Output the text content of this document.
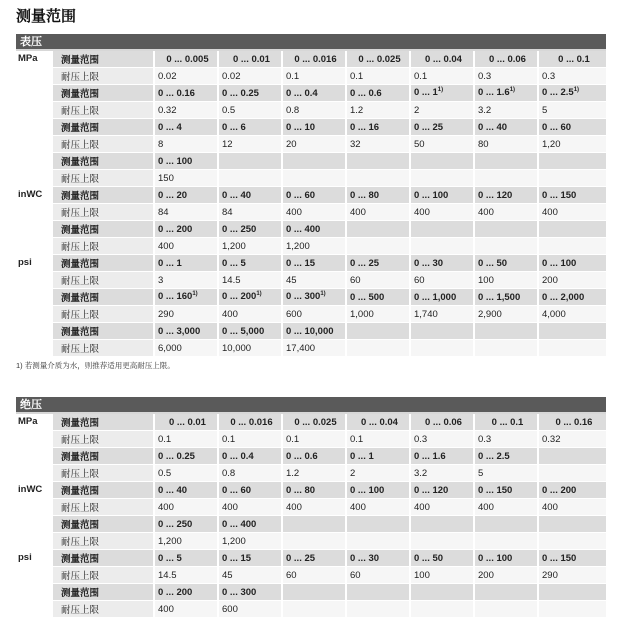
测量范围
表压
MPa	测量范围	0 ... 0.005	0 ... 0.01	0 ... 0.016	0 ... 0.025	0 ... 0.04	0 ... 0.06	0 ... 0.1
	耐压上限	0.02	0.02	0.1	0.1	0.1	0.3	0.3
	测量范围	0 ... 0.16	0 ... 0.25	0 ... 0.4	0 ... 0.6	0 ... 1$^{1)}$	0 ... 1.6$^{1)}$	0 ... 2.5$^{1)}$
	耐压上限	0.32	0.5	0.8	1.2	2	3.2	5
	测量范围	0 ... 4	0 ... 6	0 ... 10	0 ... 16	0 ... 25	0 ... 40	0 ... 60
	耐压上限	8	12	20	32	50	80	1,20
	测量范围	0 ... 100						
	耐压上限	150						
inWC	测量范围	0 ... 20	0 ... 40	0 ... 60	0 ... 80	0 ... 100	0 ... 120	0 ... 150
	耐压上限	84	84	400	400	400	400	400
	测量范围	0 ... 200	0 ... 250	0 ... 400				
	耐压上限	400	1,200	1,200				
psi	测量范围	0 ... 1	0 ... 5	0 ... 15	0 ... 25	0 ... 30	0 ... 50	0 ... 100
	耐压上限	3	14.5	45	60	60	100	200
	测量范围	0 ... 160$^{1)}$	0 ... 200$^{1)}$	0 ... 300$^{1)}$	0 ... 500	0 ... 1,000	0 ... 1,500	0 ... 2,000
	耐压上限	290	400	600	1,000	1,740	2,900	4,000
	测量范围	0 ... 3,000	0 ... 5,000	0 ... 10,000				
	耐压上限	6,000	10,000	17,400				
1) 若测量介质为水，则推荐适用更高耐压上限。
绝压
MPa	测量范围	0 ... 0.01	0 ... 0.016	0 ... 0.025	0 ... 0.04	0 ... 0.06	0 ... 0.1	0 ... 0.16
	耐压上限	0.1	0.1	0.1	0.1	0.3	0.3	0.32
	测量范围	0 ... 0.25	0 ... 0.4	0 ... 0.6	0 ... 1	0 ... 1.6	0 ... 2.5	
	耐压上限	0.5	0.8	1.2	2	3.2	5	
inWC	测量范围	0 ... 40	0 ... 60	0 ... 80	0 ... 100	0 ... 120	0 ... 150	0 ... 200
	耐压上限	400	400	400	400	400	400	400
	测量范围	0 ... 250	0 ... 400					
	耐压上限	1,200	1,200					
psi	测量范围	0 ... 5	0 ... 15	0 ... 25	0 ... 30	0 ... 50	0 ... 100	0 ... 150
	耐压上限	14.5	45	60	60	100	200	290
	测量范围	0 ... 200	0 ... 300					
	耐压上限	400	600					
